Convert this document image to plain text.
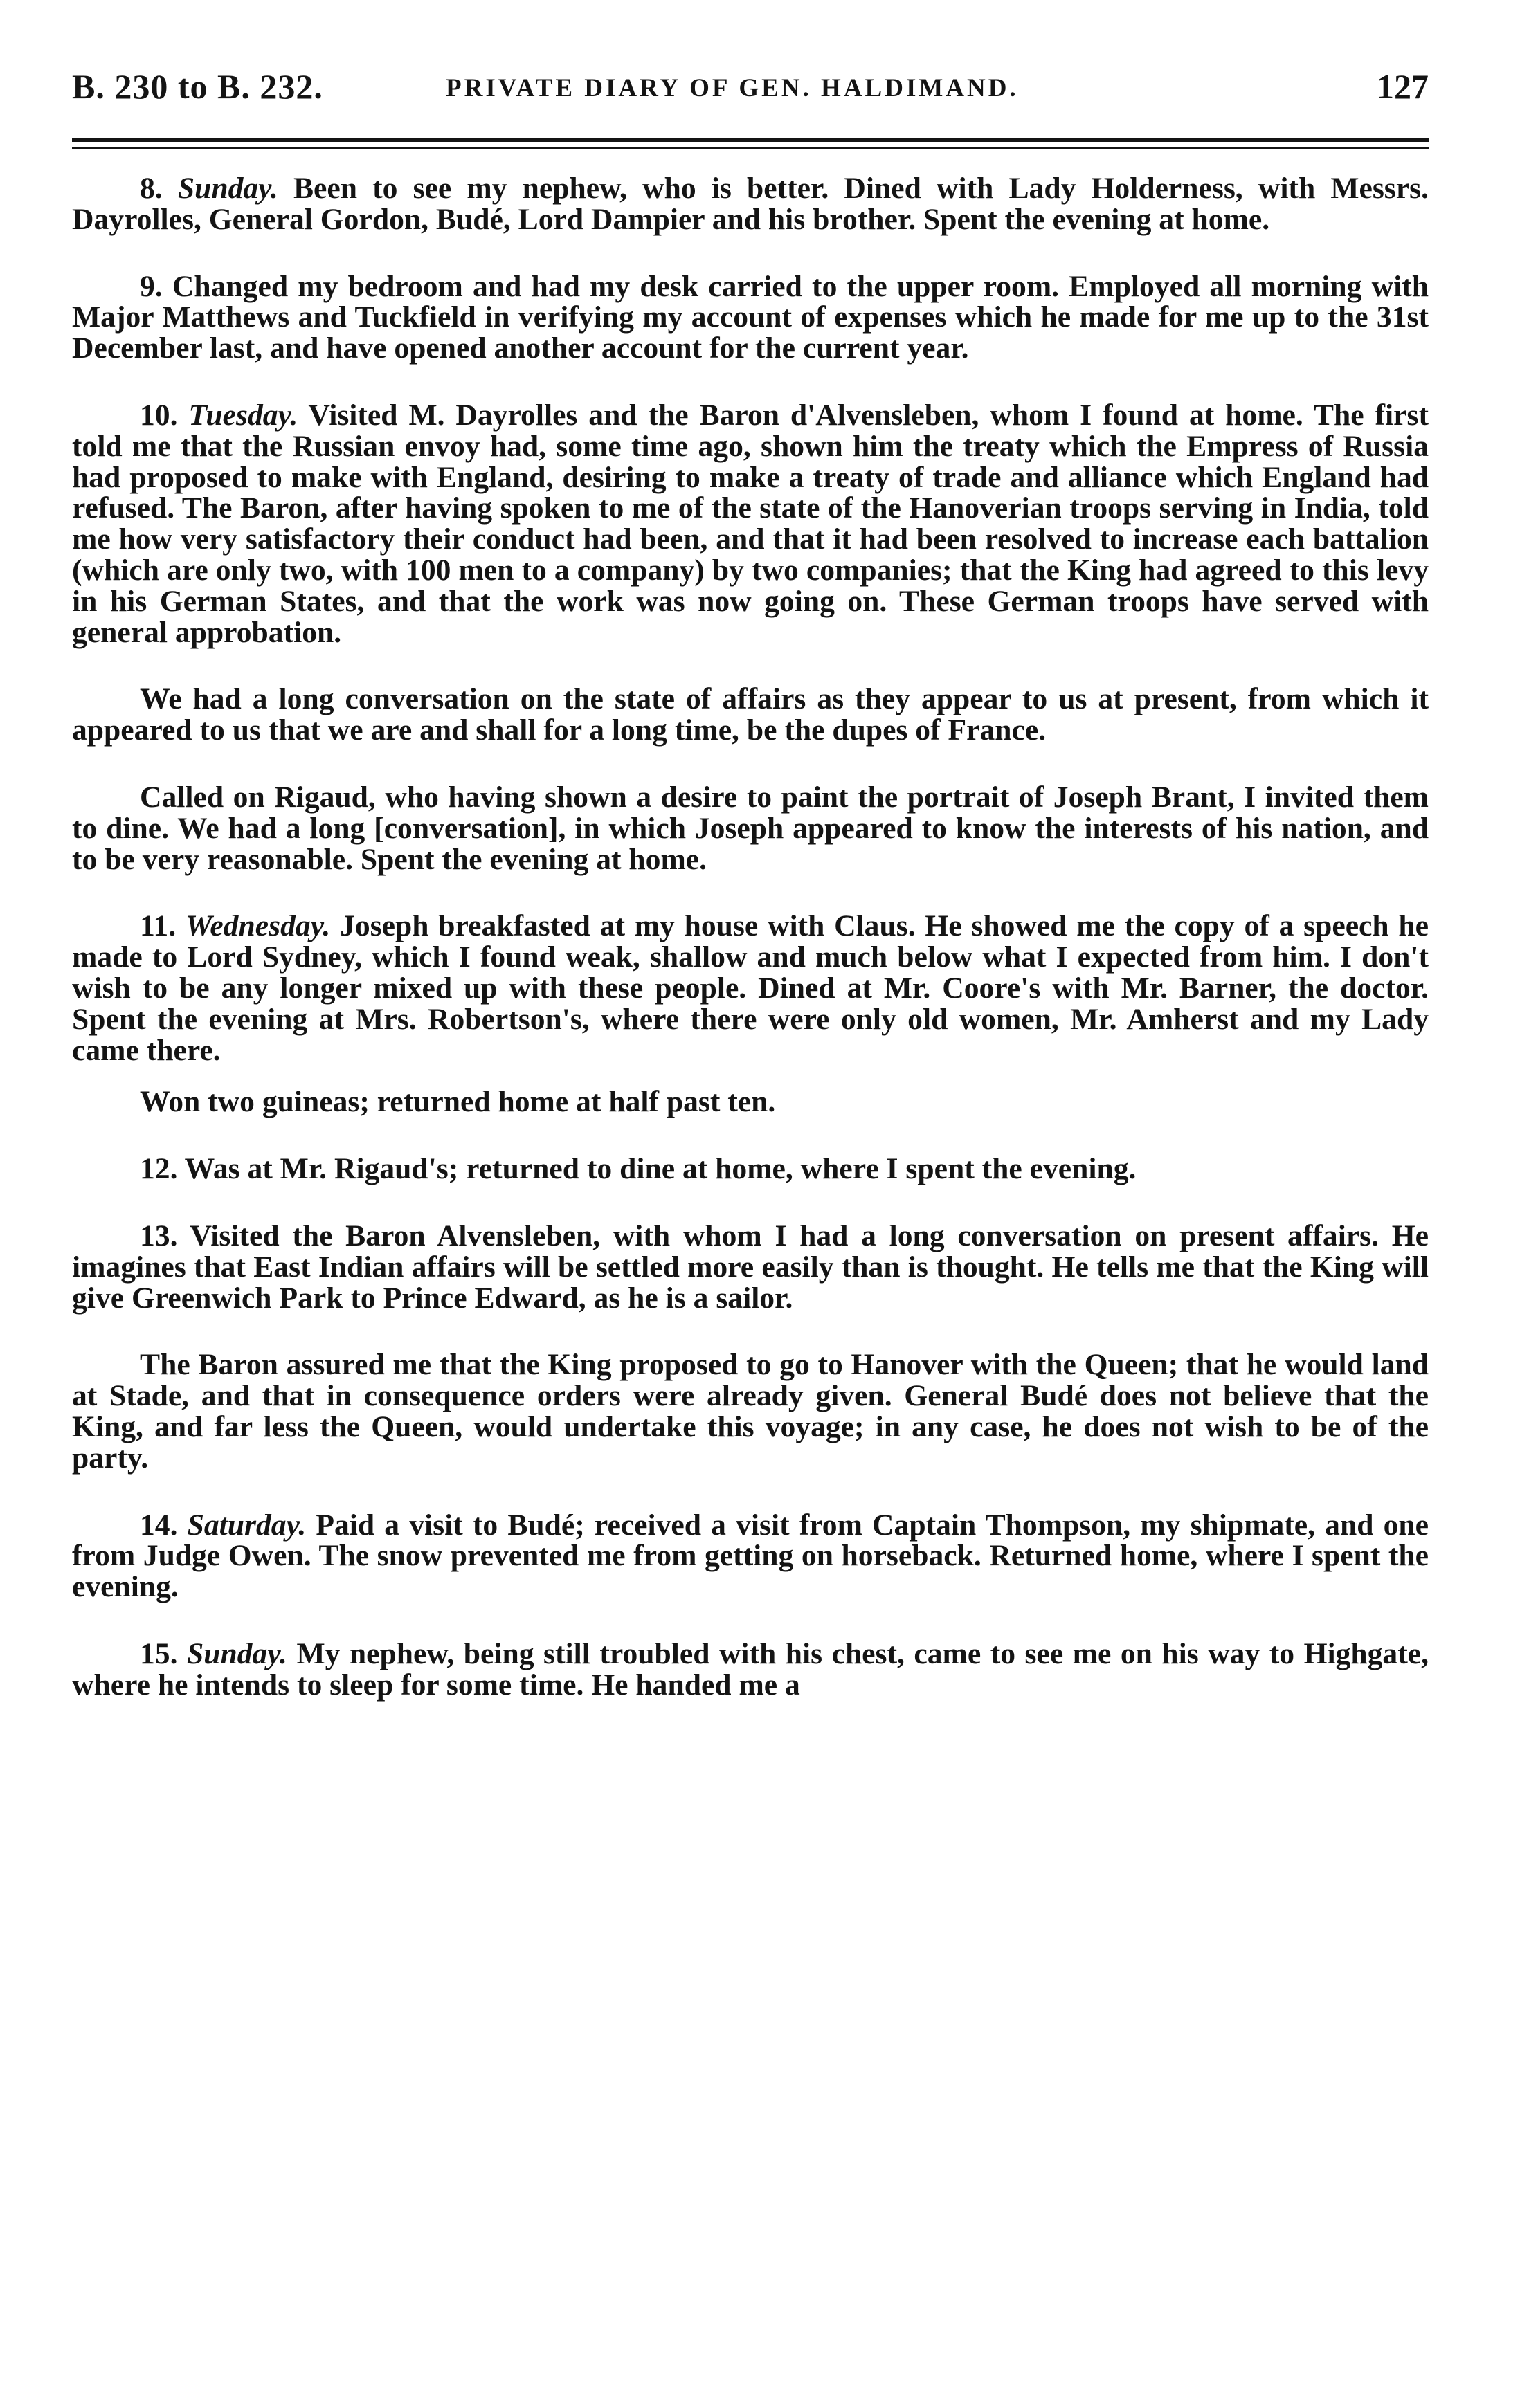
B. 230 to B. 232.	PRIVATE DIARY OF GEN. HALDIMAND.	127

8. Sunday. Been to see my nephew, who is better. Dined with Lady Holderness, with Messrs. Dayrolles, General Gordon, Budé, Lord Dampier and his brother. Spent the evening at home.

9. Changed my bedroom and had my desk carried to the upper room. Employed all morning with Major Matthews and Tuckfield in verifying my account of expenses which he made for me up to the 31st December last, and have opened another account for the current year.

10. Tuesday. Visited M. Dayrolles and the Baron d'Alvensleben, whom I found at home. The first told me that the Russian envoy had, some time ago, shown him the treaty which the Empress of Russia had proposed to make with England, desiring to make a treaty of trade and alliance which England had refused. The Baron, after having spoken to me of the state of the Hanoverian troops serving in India, told me how very satisfactory their conduct had been, and that it had been resolved to increase each battalion (which are only two, with 100 men to a company) by two companies; that the King had agreed to this levy in his German States, and that the work was now going on. These German troops have served with general approbation.

We had a long conversation on the state of affairs as they appear to us at present, from which it appeared to us that we are and shall for a long time, be the dupes of France.

Called on Rigaud, who having shown a desire to paint the portrait of Joseph Brant, I invited them to dine. We had a long [conversation], in which Joseph appeared to know the interests of his nation, and to be very reasonable. Spent the evening at home.

11. Wednesday. Joseph breakfasted at my house with Claus. He showed me the copy of a speech he made to Lord Sydney, which I found weak, shallow and much below what I expected from him. I don't wish to be any longer mixed up with these people. Dined at Mr. Coore's with Mr. Barner, the doctor. Spent the evening at Mrs. Robertson's, where there were only old women, Mr. Amherst and my Lady came there.

Won two guineas; returned home at half past ten.

12. Was at Mr. Rigaud's; returned to dine at home, where I spent the evening.

13. Visited the Baron Alvensleben, with whom I had a long conversation on present affairs. He imagines that East Indian affairs will be settled more easily than is thought. He tells me that the King will give Greenwich Park to Prince Edward, as he is a sailor.

The Baron assured me that the King proposed to go to Hanover with the Queen; that he would land at Stade, and that in consequence orders were already given. General Budé does not believe that the King, and far less the Queen, would undertake this voyage; in any case, he does not wish to be of the party.

14. Saturday. Paid a visit to Budé; received a visit from Captain Thompson, my shipmate, and one from Judge Owen. The snow prevented me from getting on horseback. Returned home, where I spent the evening.

15. Sunday. My nephew, being still troubled with his chest, came to see me on his way to Highgate, where he intends to sleep for some time. He handed me a
